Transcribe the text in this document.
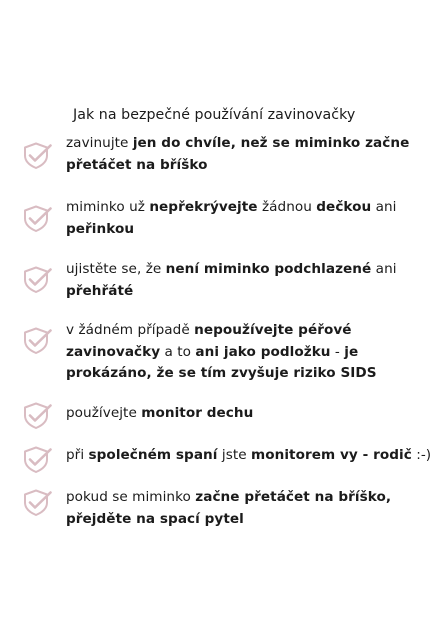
Jak na bezpečné používání zavinovačky
zavinujte jen do chvíle, než se miminko začne přetáčet na bříško
miminko už nepřekrývejte žádnou dečkou ani peřinkou
ujistěte se, že není miminko podchlazené ani přehřáté
v žádném případě nepoužívejte péřové zavinovačky a to ani jako podložku - je prokázáno, že se tím zvyšuje riziko SIDS
používejte monitor dechu
při společném spaní jste monitorem vy - rodič :-)
pokud se miminko začne přetáčet na bříško, přejděte na spací pytel
